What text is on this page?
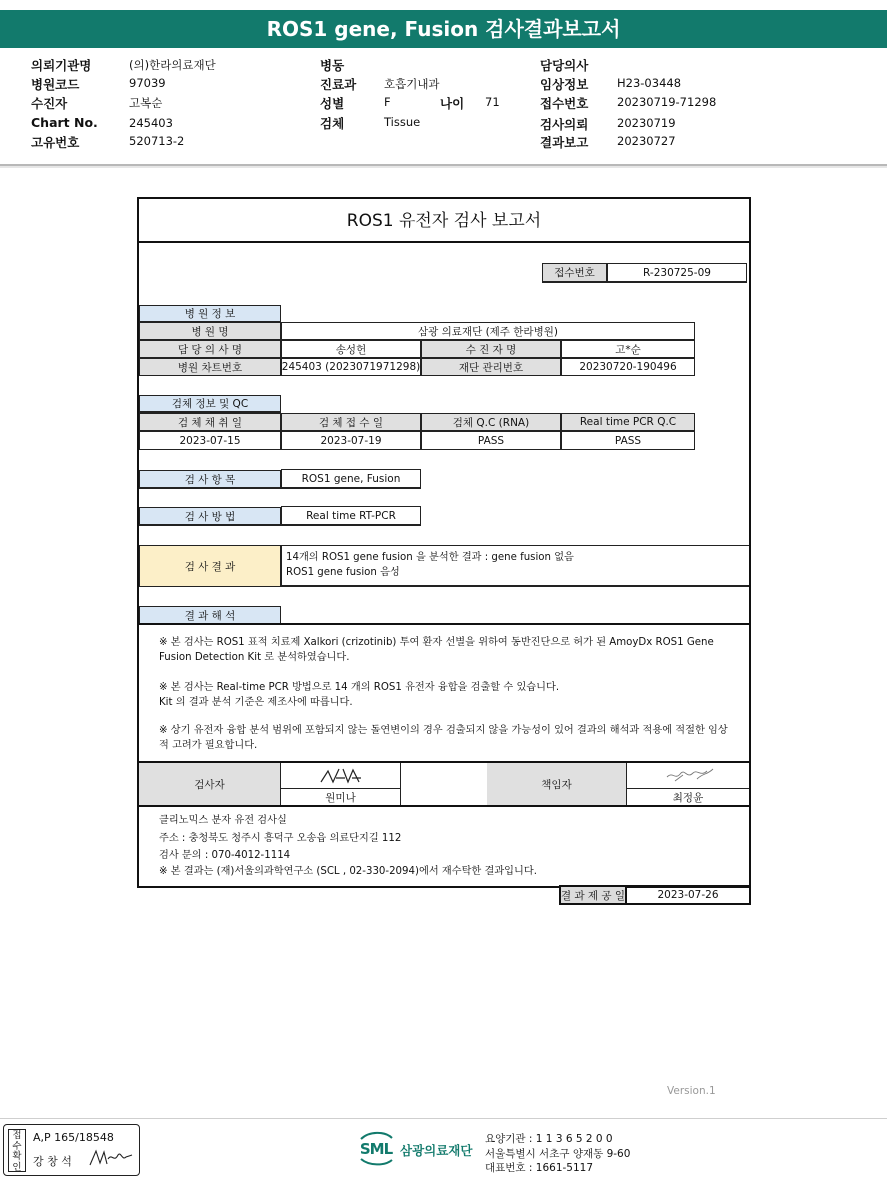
ROS1 gene, Fusion 검사결과보고서
의뢰기관명	(의)한라의료재단
병원코드	97039
수진자	고복순
Chart No.	245403
고유번호	520713-2
병동
진료과 호흡기내과
성별	F	나이 71
검체	Tissue
담당의사
임상정보 H23-03448
접수번호 20230719-71298
검사의뢰 20230719
결과보고 20230727
ROS1 유전자 검사 보고서
접수번호	R-230725-09
병 원 정 보
병 원 명	삼광 의료재단 (제주 한라병원)
담 당 의 사 명	송성헌	수 진 자 명	고*순
병원 차트번호	245403 (2023071971298)	재단 관리번호	20230720-190496
검체 정보 및 QC
검 체 채 취 일	검 체 접 수 일	검체 Q.C (RNA)	Real time PCR Q.C
2023-07-15	2023-07-19	PASS	PASS
검 사 항 목	ROS1 gene, Fusion
검 사 방 법	Real time RT-PCR
검 사 결 과
14개의 ROS1 gene fusion 을 분석한 결과 : gene fusion 없음
ROS1 gene fusion 음성
결 과 해 석
※ 본 검사는 ROS1 표적 치료제 Xalkori (crizotinib) 투여 환자 선별을 위하여 동반진단으로 허가 된 AmoyDx ROS1 Gene
Fusion Detection Kit 로 분석하였습니다.
※ 본 검사는 Real-time PCR 방법으로 14 개의 ROS1 유전자 융합을 검출할 수 있습니다.
Kit 의 결과 분석 기준은 제조사에 따릅니다.
※ 상기 유전자 융합 분석 범위에 포함되지 않는 돌연변이의 경우 검출되지 않을 가능성이 있어 결과의 해석과 적용에 적절한 임상
적 고려가 필요합니다.
검사자
원미나
책임자
최정윤
클리노믹스 분자 유전 검사실
주소 : 충청북도 청주시 흥덕구 오송읍 의료단지길 112
검사 문의 : 070-4012-1114
※ 본 결과는 (재)서울의과학연구소 (SCL , 02-330-2094)에서 재수탁한 결과입니다.
결 과 제 공 일	2023-07-26
Version.1
접수확인
A,P 165/18548
강 창 석
SML 삼광의료재단
요양기관 : 1 1 3 6 5 2 0 0
서울특별시 서초구 양재동 9-60
대표번호 : 1661-5117
